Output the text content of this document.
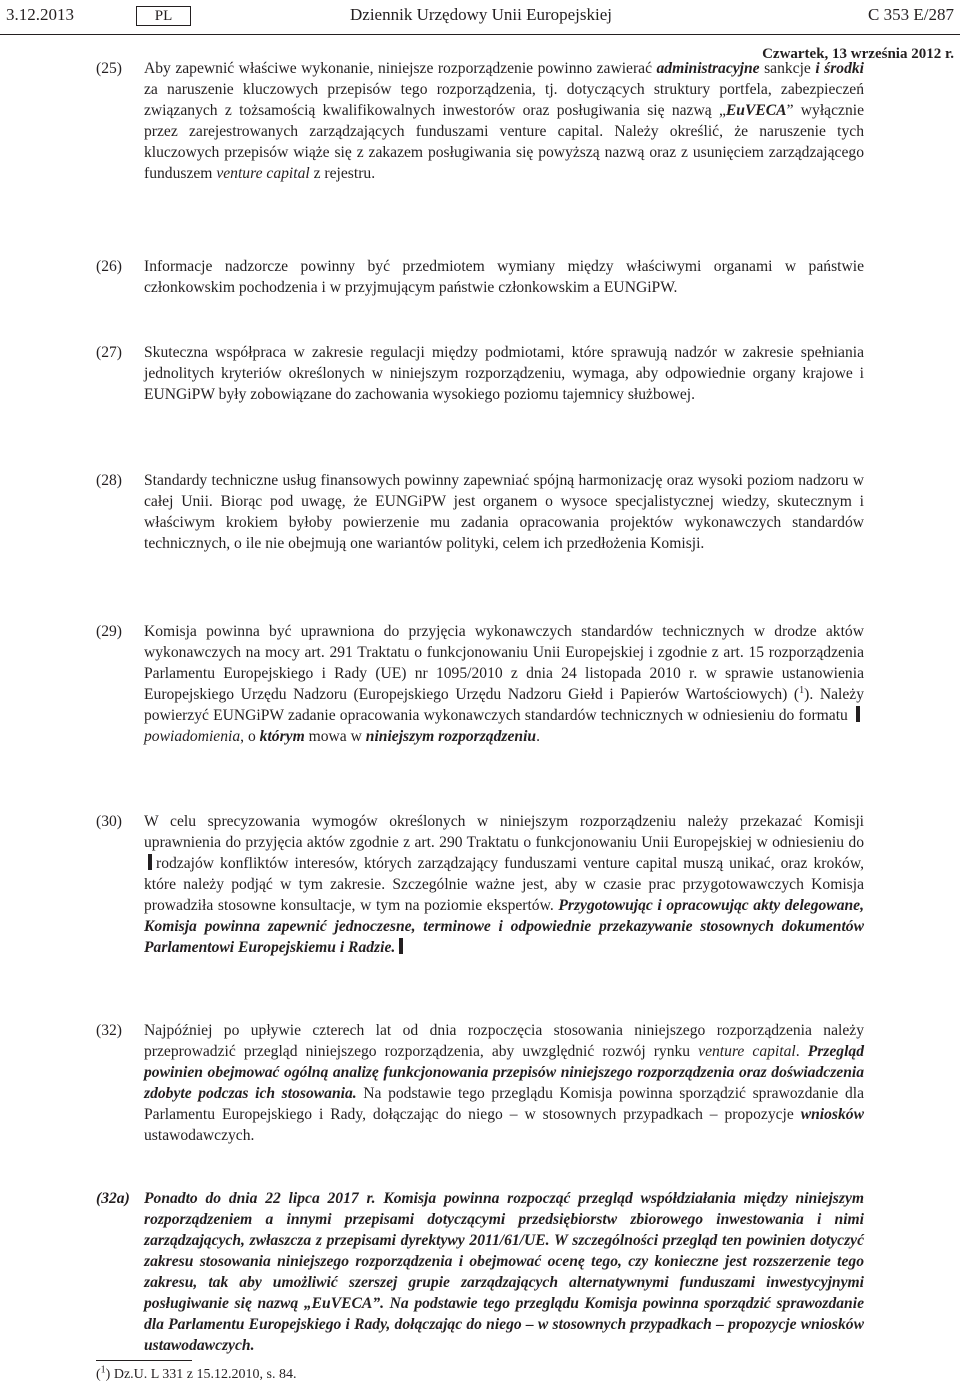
3.12.2013	PL	Dziennik Urzędowy Unii Europejskiej	C 353 E/287
Czwartek, 13 września 2012 r.
(25)	Aby zapewnić właściwe wykonanie, niniejsze rozporządzenie powinno zawierać administracyjne sankcje i środki za naruszenie kluczowych przepisów tego rozporządzenia, tj. dotyczących struktury portfela, zabezpieczeń związanych z tożsamością kwalifikowalnych inwestorów oraz posługiwania się nazwą „EuVECA” wyłącznie przez zarejestrowanych zarządzających funduszami venture capital. Należy określić, że naruszenie tych kluczowych przepisów wiąże się z zakazem posługiwania się powyższą nazwą oraz z usunięciem zarządzającego funduszem venture capital z rejestru.
(26)	Informacje nadzorcze powinny być przedmiotem wymiany między właściwymi organami w państwie członkowskim pochodzenia i w przyjmującym państwie członkowskim a EUNGiPW.
(27)	Skuteczna współpraca w zakresie regulacji między podmiotami, które sprawują nadzór w zakresie spełniania jednolitych kryteriów określonych w niniejszym rozporządzeniu, wymaga, aby odpowiednie organy krajowe i EUNGiPW były zobowiązane do zachowania wysokiego poziomu tajemnicy służbowej.
(28)	Standardy techniczne usług finansowych powinny zapewniać spójną harmonizację oraz wysoki poziom nadzoru w całej Unii. Biorąc pod uwagę, że EUNGiPW jest organem o wysoce specjalistycznej wiedzy, skutecznym i właściwym krokiem byłoby powierzenie mu zadania opracowania projektów wykonawczych standardów technicznych, o ile nie obejmują one wariantów polityki, celem ich przedłożenia Komisji.
(29)	Komisja powinna być uprawniona do przyjęcia wykonawczych standardów technicznych w drodze aktów wykonawczych na mocy art. 291 Traktatu o funkcjonowaniu Unii Europejskiej i zgodnie z art. 15 rozporządzenia Parlamentu Europejskiego i Rady (UE) nr 1095/2010 z dnia 24 listopada 2010 r. w sprawie ustanowienia Europejskiego Urzędu Nadzoru (Europejskiego Urzędu Nadzoru Giełd i Papierów Wartościowych) ($^1$). Należy powierzyć EUNGiPW zadanie opracowania wykonawczych standardów technicznych w odniesieniu do formatu powiadomienia, o którym mowa w niniejszym rozporządzeniu.
(30)	W celu sprecyzowania wymogów określonych w niniejszym rozporządzeniu należy przekazać Komisji uprawnienia do przyjęcia aktów zgodnie z art. 290 Traktatu o funkcjonowaniu Unii Europejskiej w odniesieniu do rodzajów konfliktów interesów, których zarządzający funduszami venture capital muszą unikać, oraz kroków, które należy podjąć w tym zakresie. Szczególnie ważne jest, aby w czasie prac przygotowawczych Komisja prowadziła stosowne konsultacje, w tym na poziomie ekspertów. Przygotowując i opracowując akty delegowane, Komisja powinna zapewnić jednoczesne, terminowe i odpowiednie przekazywanie stosownych dokumentów Parlamentowi Europejskiemu i Radzie.
(32)	Najpóźniej po upływie czterech lat od dnia rozpoczęcia stosowania niniejszego rozporządzenia należy przeprowadzić przegląd niniejszego rozporządzenia, aby uwzględnić rozwój rynku venture capital. Przegląd powinien obejmować ogólną analizę funkcjonowania przepisów niniejszego rozporządzenia oraz doświadczenia zdobyte podczas ich stosowania. Na podstawie tego przeglądu Komisja powinna sporządzić sprawozdanie dla Parlamentu Europejskiego i Rady, dołączając do niego – w stosownych przypadkach – propozycje wniosków ustawodawczych.
(32a) Ponadto do dnia 22 lipca 2017 r. Komisja powinna rozpocząć przegląd współdziałania między niniejszym rozporządzeniem a innymi przepisami dotyczącymi przedsiębiorstw zbiorowego inwestowania i nimi zarządzających, zwłaszcza z przepisami dyrektywy 2011/61/UE. W szczególności przegląd ten powinien dotyczyć zakresu stosowania niniejszego rozporządzenia i obejmować ocenę tego, czy konieczne jest rozszerzenie tego zakresu, tak aby umożliwić szerszej grupie zarządzających alternatywnymi funduszami inwestycyjnymi posługiwanie się nazwą „EuVECA”. Na podstawie tego przeglądu Komisja powinna sporządzić sprawozdanie dla Parlamentu Europejskiego i Rady, dołączając do niego – w stosownych przypadkach – propozycje wniosków ustawodawczych.
($^1$) Dz.U. L 331 z 15.12.2010, s. 84.
